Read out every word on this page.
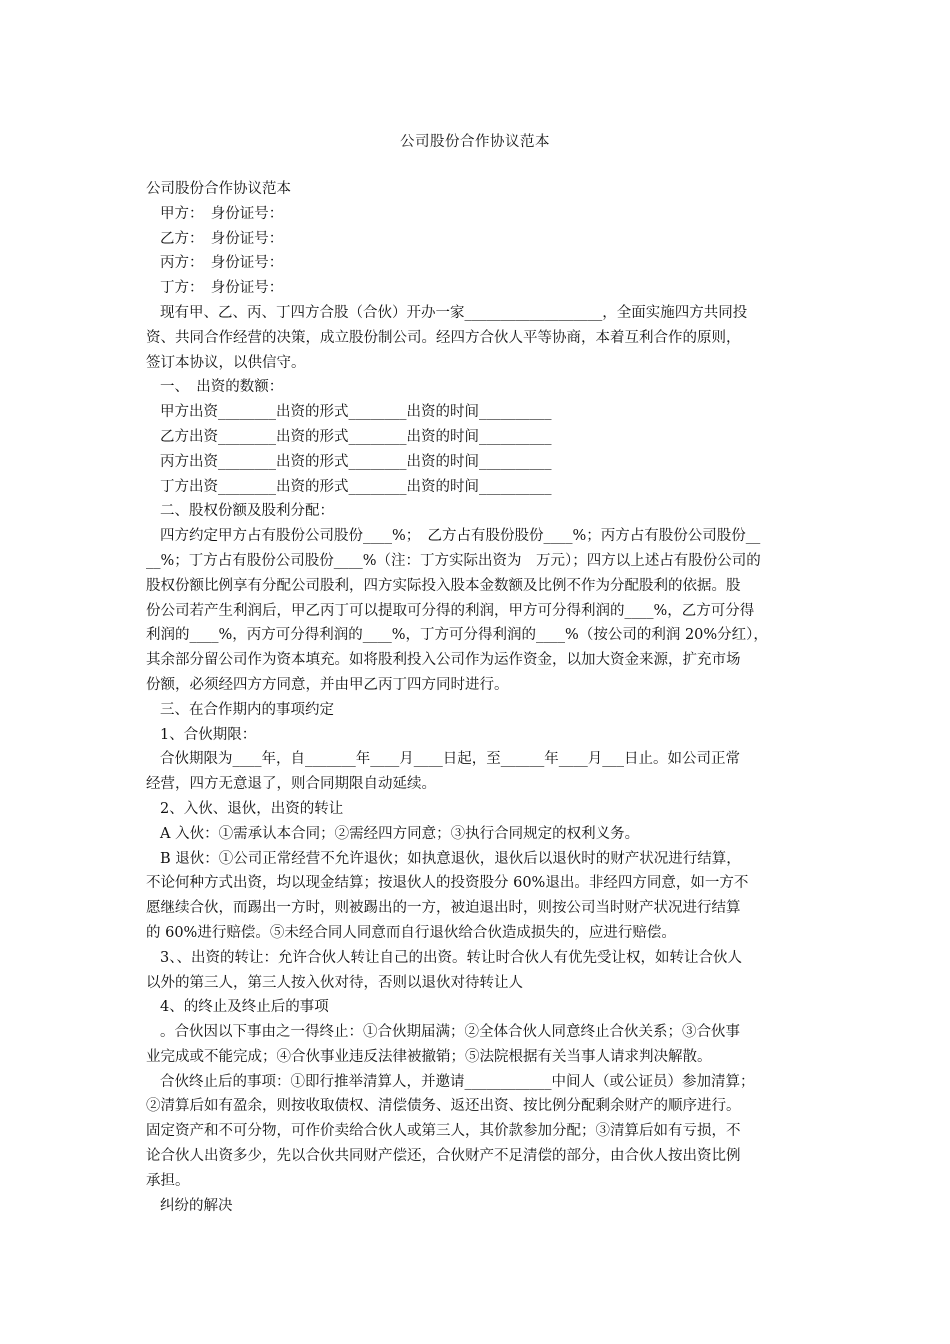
公司股份合作协议范本
公司股份合作协议范本
甲方：　身份证号：
乙方：　身份证号：
丙方：　身份证号：
丁方：　身份证号：
现有甲、乙、丙、丁四方合股（合伙）开办一家___________________，全面实施四方共同投
资、共同合作经营的决策，成立股份制公司。经四方合伙人平等协商，本着互利合作的原则，
签订本协议，以供信守。
一、　出资的数额：
甲方出资________出资的形式________出资的时间__________
乙方出资________出资的形式________出资的时间__________
丙方出资________出资的形式________出资的时间__________
丁方出资________出资的形式________出资的时间__________
二、股权份额及股利分配：
四方约定甲方占有股份公司股份____%；　乙方占有股份股份____%；丙方占有股份公司股份__
__%；丁方占有股份公司股份____%（注：丁方实际出资为　万元）；四方以上述占有股份公司的
股权份额比例享有分配公司股利，四方实际投入股本金数额及比例不作为分配股利的依据。股
份公司若产生利润后，甲乙丙丁可以提取可分得的利润，甲方可分得利润的____%，乙方可分得
利润的____%，丙方可分得利润的____%，丁方可分得利润的____%（按公司的利润 20%分红），
其余部分留公司作为资本填充。如将股利投入公司作为运作资金，以加大资金来源，扩充市场
份额，必须经四方方同意，并由甲乙丙丁四方同时进行。
三、在合作期内的事项约定
1、合伙期限：
合伙期限为____年，自_______年____月____日起，至______年____月___日止。如公司正常
经营，四方无意退了，则合同期限自动延续。
2、入伙、退伙，出资的转让
A 入伙：①需承认本合同；②需经四方同意；③执行合同规定的权利义务。
B 退伙：①公司正常经营不允许退伙；如执意退伙，退伙后以退伙时的财产状况进行结算，
不论何种方式出资，均以现金结算；按退伙人的投资股分 60%退出。非经四方同意，如一方不
愿继续合伙，而踢出一方时，则被踢出的一方，被迫退出时，则按公司当时财产状况进行结算
的 60%进行赔偿。⑤未经合同人同意而自行退伙给合伙造成损失的，应进行赔偿。
3、、出资的转让：允许合伙人转让自己的出资。转让时合伙人有优先受让权，如转让合伙人
以外的第三人，第三人按入伙对待，否则以退伙对待转让人
4、的终止及终止后的事项
。合伙因以下事由之一得终止：①合伙期届满；②全体合伙人同意终止合伙关系；③合伙事
业完成或不能完成；④合伙事业违反法律被撤销；⑤法院根据有关当事人请求判决解散。
合伙终止后的事项：①即行推举清算人，并邀请____________中间人（或公证员）参加清算；
②清算后如有盈余，则按收取债权、清偿债务、返还出资、按比例分配剩余财产的顺序进行。
固定资产和不可分物，可作价卖给合伙人或第三人，其价款参加分配；③清算后如有亏损，不
论合伙人出资多少，先以合伙共同财产偿还，合伙财产不足清偿的部分，由合伙人按出资比例
承担。
纠纷的解决
